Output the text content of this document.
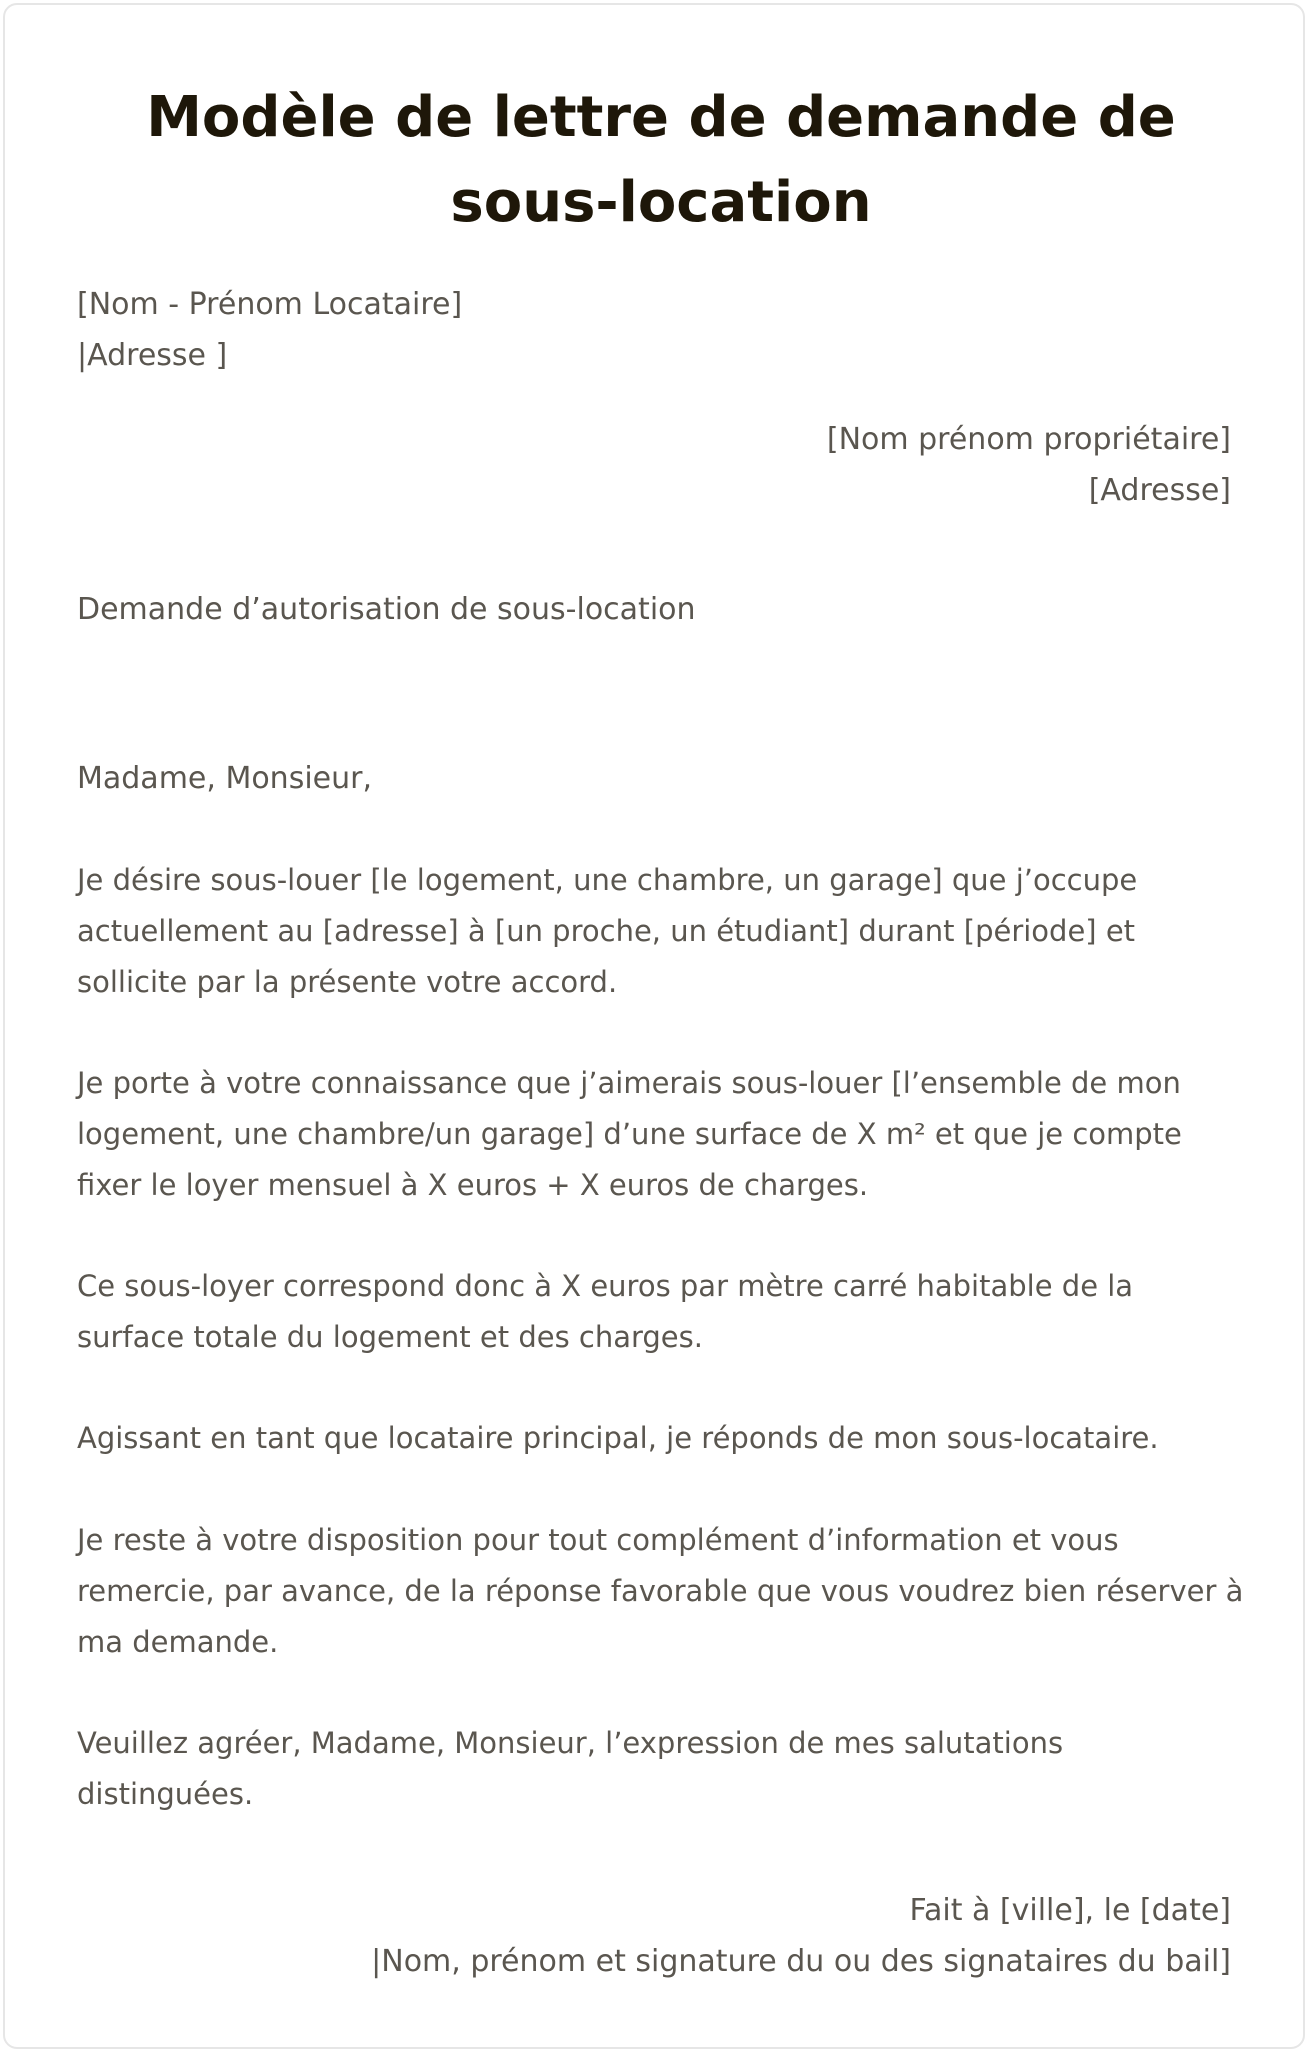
Modèle de lettre de demande de sous-location

[Nom - Prénom Locataire]

|Adresse ]

[Nom prénom propriétaire]

[Adresse]

Demande d’autorisation de sous-location

Madame, Monsieur,

Je désire sous-louer [le logement, une chambre, un garage] que j’occupe actuellement au [adresse] à [un proche, un étudiant] durant [période] et sollicite par la présente votre accord.

Je porte à votre connaissance que j’aimerais sous-louer [l’ensemble de mon logement, une chambre/un garage] d’une surface de X m² et que je compte fixer le loyer mensuel à X euros + X euros de charges.

Ce sous-loyer correspond donc à X euros par mètre carré habitable de la surface totale du logement et des charges.

Agissant en tant que locataire principal, je réponds de mon sous-locataire.

Je reste à votre disposition pour tout complément d’information et vous remercie, par avance, de la réponse favorable que vous voudrez bien réserver à ma demande.

Veuillez agréer, Madame, Monsieur, l’expression de mes salutations distinguées.

Fait à [ville], le [date]

|Nom, prénom et signature du ou des signataires du bail]
